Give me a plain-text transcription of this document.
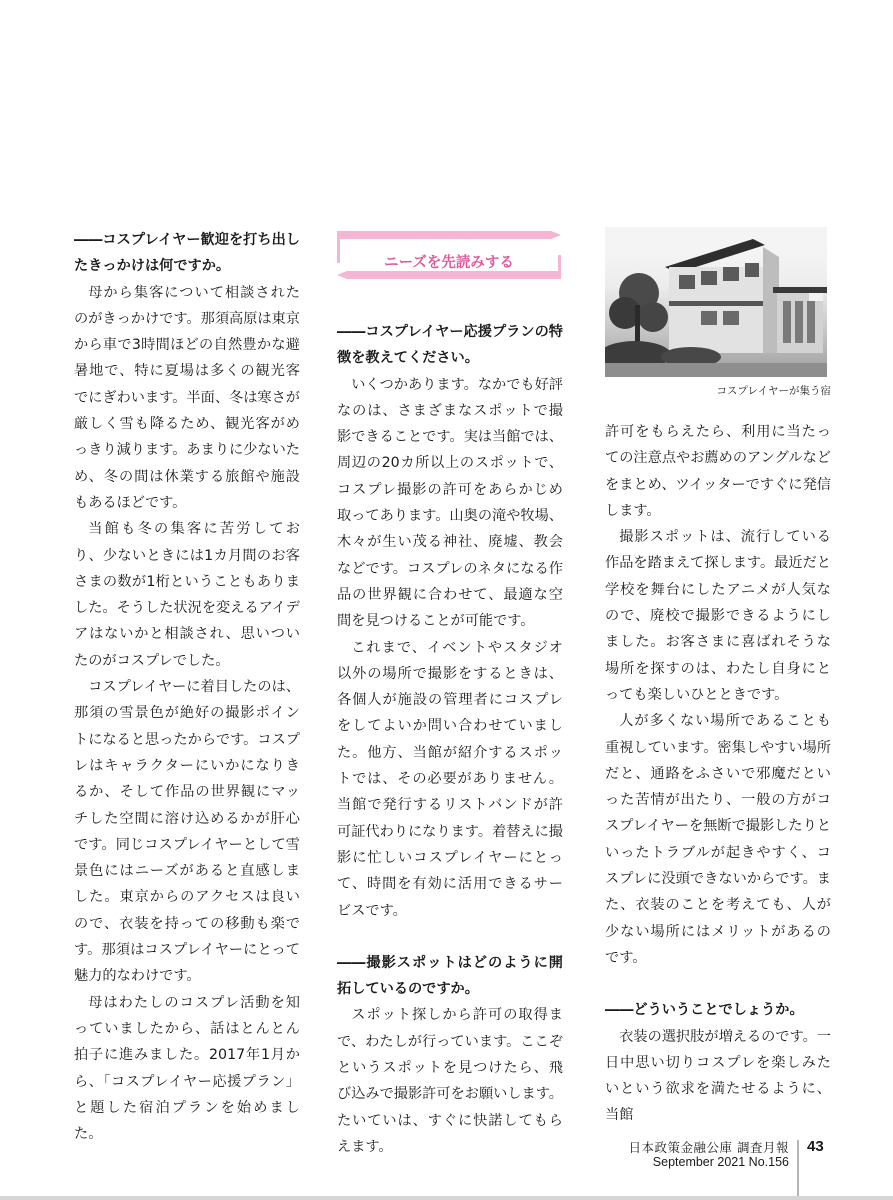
――コスプレイヤー歓迎を打ち出したきっかけは何ですか。

母から集客について相談されたのがきっかけです。那須高原は東京から車で3時間ほどの自然豊かな避暑地で、特に夏場は多くの観光客でにぎわいます。半面、冬は寒さが厳しく雪も降るため、観光客がめっきり減ります。あまりに少ないため、冬の間は休業する旅館や施設もあるほどです。

当館も冬の集客に苦労しており、少ないときには1カ月間のお客さまの数が1桁ということもありました。そうした状況を変えるアイデアはないかと相談され、思いついたのがコスプレでした。

コスプレイヤーに着目したのは、那須の雪景色が絶好の撮影ポイントになると思ったからです。コスプレはキャラクターにいかになりきるか、そして作品の世界観にマッチした空間に溶け込めるかが肝心です。同じコスプレイヤーとして雪景色にはニーズがあると直感しました。東京からのアクセスは良いので、衣装を持っての移動も楽です。那須はコスプレイヤーにとって魅力的なわけです。

母はわたしのコスプレ活動を知っていましたから、話はとんとん拍子に進みました。2017年1月から、「コスプレイヤー応援プラン」と題した宿泊プランを始めました。

ニーズを先読みする

――コスプレイヤー応援プランの特徴を教えてください。

いくつかあります。なかでも好評なのは、さまざまなスポットで撮影できることです。実は当館では、周辺の20カ所以上のスポットで、コスプレ撮影の許可をあらかじめ取ってあります。山奥の滝や牧場、木々が生い茂る神社、廃墟、教会などです。コスプレのネタになる作品の世界観に合わせて、最適な空間を見つけることが可能です。

これまで、イベントやスタジオ以外の場所で撮影をするときは、各個人が施設の管理者にコスプレをしてよいか問い合わせていました。他方、当館が紹介するスポットでは、その必要がありません。当館で発行するリストバンドが許可証代わりになります。着替えに撮影に忙しいコスプレイヤーにとって、時間を有効に活用できるサービスです。

――撮影スポットはどのように開拓しているのですか。

スポット探しから許可の取得まで、わたしが行っています。ここぞというスポットを見つけたら、飛び込みで撮影許可をお願いします。たいていは、すぐに快諾してもらえます。

コスプレイヤーが集う宿

許可をもらえたら、利用に当たっての注意点やお薦めのアングルなどをまとめ、ツイッターですぐに発信します。

撮影スポットは、流行している作品を踏まえて探します。最近だと学校を舞台にしたアニメが人気なので、廃校で撮影できるようにしました。お客さまに喜ばれそうな場所を探すのは、わたし自身にとっても楽しいひとときです。

人が多くない場所であることも重視しています。密集しやすい場所だと、通路をふさいで邪魔だといった苦情が出たり、一般の方がコスプレイヤーを無断で撮影したりといったトラブルが起きやすく、コスプレに没頭できないからです。また、衣装のことを考えても、人が少ない場所にはメリットがあるのです。

――どういうことでしょうか。

衣装の選択肢が増えるのです。一日中思い切りコスプレを楽しみたいという欲求を満たせるように、当館

日本政策金融公庫 調査月報
September 2021 No.156
43
